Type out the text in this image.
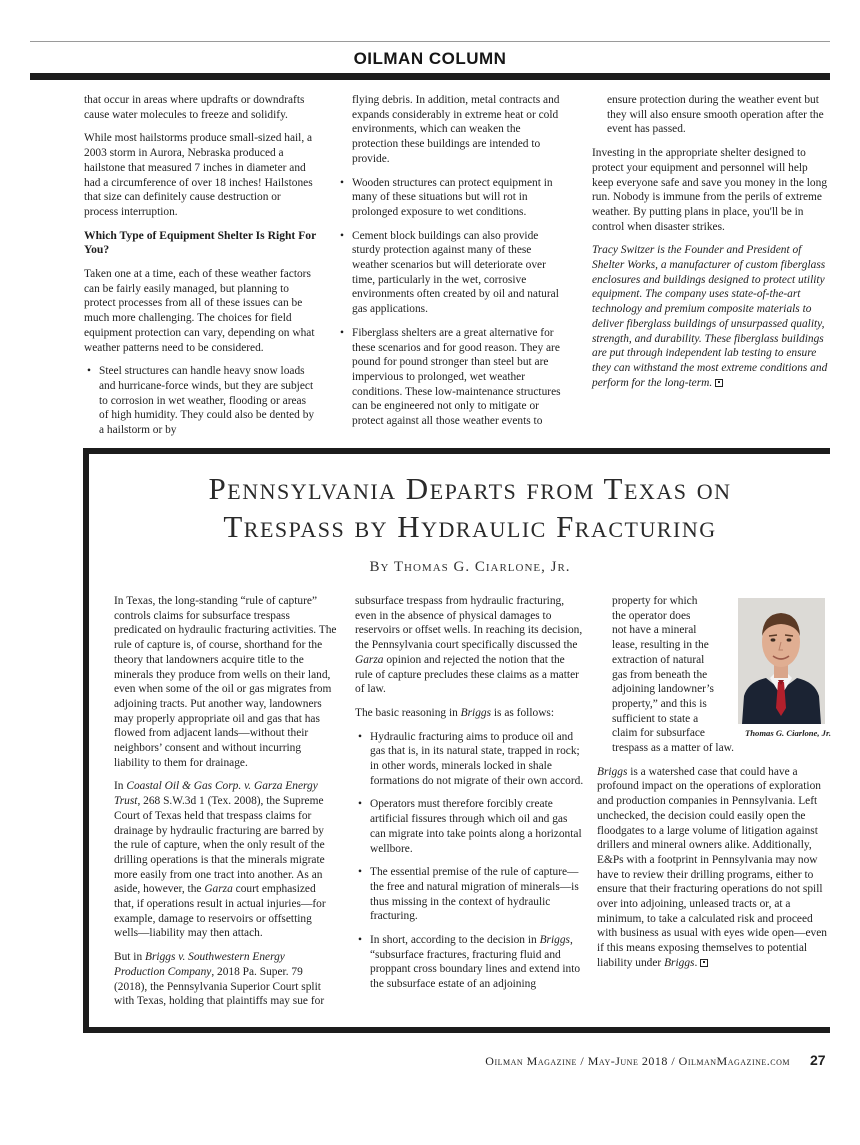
OILMAN COLUMN

that occur in areas where updrafts or downdrafts cause water molecules to freeze and solidify.

While most hailstorms produce small-sized hail, a 2003 storm in Aurora, Nebraska produced a hailstone that measured 7 inches in diameter and had a circumference of over 18 inches! Hailstones that size can definitely cause destruction or process interruption.

Which Type of Equipment Shelter Is Right For You?

Taken one at a time, each of these weather factors can be fairly easily managed, but planning to protect processes from all of these issues can be much more challenging. The choices for field equipment protection can vary, depending on what weather patterns need to be considered.

• Steel structures can handle heavy snow loads and hurricane-force winds, but they are subject to corrosion in wet weather, flooding or areas of high humidity. They could also be dented by a hailstorm or by

flying debris. In addition, metal contracts and expands considerably in extreme heat or cold environments, which can weaken the protection these buildings are intended to provide.

• Wooden structures can protect equipment in many of these situations but will rot in prolonged exposure to wet conditions.
• Cement block buildings can also provide sturdy protection against many of these weather scenarios but will deteriorate over time, particularly in the wet, corrosive environments often created by oil and natural gas applications.
• Fiberglass shelters are a great alternative for these scenarios and for good reason. They are pound for pound stronger than steel but are impervious to prolonged, wet weather conditions. These low-maintenance structures can be engineered not only to mitigate or protect against all those weather events to

ensure protection during the weather event but they will also ensure smooth operation after the event has passed.

Investing in the appropriate shelter designed to protect your equipment and personnel will help keep everyone safe and save you money in the long run. Nobody is immune from the perils of extreme weather. By putting plans in place, you'll be in control when disaster strikes.

Tracy Switzer is the Founder and President of Shelter Works, a manufacturer of custom fiberglass enclosures and buildings designed to protect utility equipment. The company uses state-of-the-art technology and premium composite materials to deliver fiberglass buildings of unsurpassed quality, strength, and durability. These fiberglass buildings are put through independent lab testing to ensure they can withstand the most extreme conditions and perform for the long-term.

Pennsylvania Departs from Texas on
Trespass by Hydraulic Fracturing
By Thomas G. Ciarlone, Jr.

In Texas, the long-standing “rule of capture” controls claims for subsurface trespass predicated on hydraulic fracturing activities. The rule of capture is, of course, shorthand for the theory that landowners acquire title to the minerals they produce from wells on their land, even when some of the oil or gas migrates from adjoining tracts. Put another way, landowners may properly appropriate oil and gas that has flowed from adjacent lands—without their neighbors’ consent and without incurring liability to them for drainage.

In Coastal Oil & Gas Corp. v. Garza Energy Trust, 268 S.W.3d 1 (Tex. 2008), the Supreme Court of Texas held that trespass claims for drainage by hydraulic fracturing are barred by the rule of capture, when the only result of the drilling operations is that the minerals migrate more easily from one tract into another. As an aside, however, the Garza court emphasized that, if operations result in actual injuries—for example, damage to reservoirs or offsetting wells—liability may then attach.

But in Briggs v. Southwestern Energy Production Company, 2018 Pa. Super. 79 (2018), the Pennsylvania Superior Court split with Texas, holding that plaintiffs may sue for

subsurface trespass from hydraulic fracturing, even in the absence of physical damages to reservoirs or offset wells. In reaching its decision, the Pennsylvania court specifically discussed the Garza opinion and rejected the notion that the rule of capture precludes these claims as a matter of law.

The basic reasoning in Briggs is as follows:

• Hydraulic fracturing aims to produce oil and gas that is, in its natural state, trapped in rock; in other words, minerals locked in shale formations do not migrate of their own accord.
• Operators must therefore forcibly create artificial fissures through which oil and gas can migrate into take points along a horizontal wellbore.
• The essential premise of the rule of capture—the free and natural migration of minerals—is thus missing in the context of hydraulic fracturing.
• In short, according to the decision in Briggs, “subsurface fractures, fracturing fluid and proppant cross boundary lines and extend into the subsurface estate of an adjoining
property for which
the operator does
not have a mineral
lease, resulting in the
extraction of natural
gas from beneath the
adjoining landowner’s
property,” and this is
sufficient to state a
claim for subsurface
trespass as a matter of law.

Briggs is a watershed case that could have a profound impact on the operations of exploration and production companies in Pennsylvania. Left unchecked, the decision could easily open the floodgates to a large volume of litigation against drillers and mineral owners alike. Additionally, E&Ps with a footprint in Pennsylvania may now have to review their drilling programs, either to ensure that their fracturing operations do not spill over into adjoining, unleased tracts or, at a minimum, to take a calculated risk and proceed with business as usual with eyes wide open—even if this means exposing themselves to potential liability under Briggs.

Thomas G. Ciarlone, Jr.
Oilman Magazine / May-June 2018 / OilmanMagazine.com 27
